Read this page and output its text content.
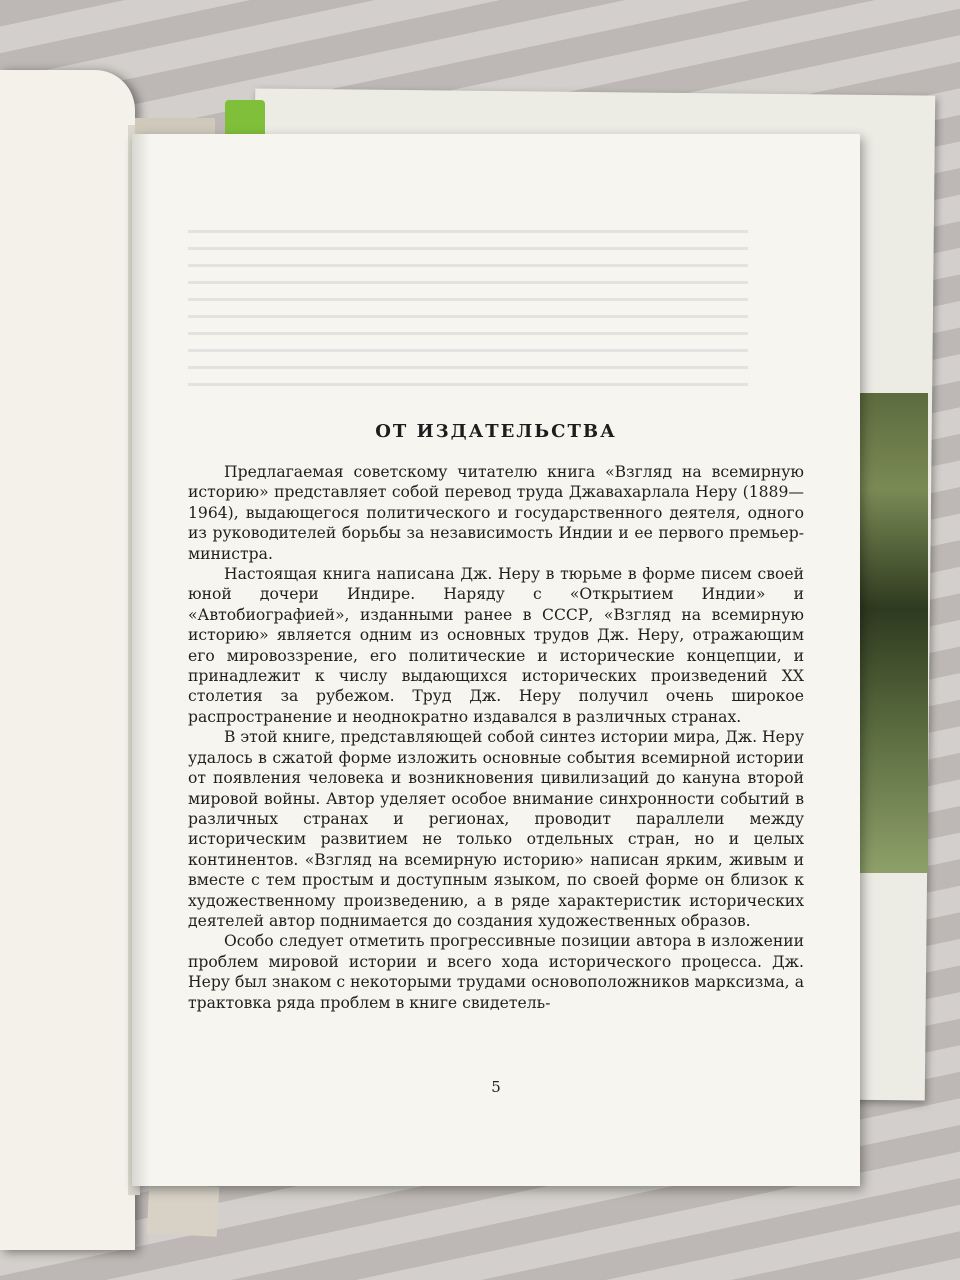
ОТ ИЗДАТЕЛЬСТВА

Предлагаемая советскому читателю книга «Взгляд на всемирную историю» представляет собой перевод труда Джавахарлала Неру (1889—1964), выдающегося политического и государственного деятеля, одного из руководителей борьбы за независимость Индии и ее первого премьер-министра.

Настоящая книга написана Дж. Неру в тюрьме в форме писем своей юной дочери Индире. Наряду с «Открытием Индии» и «Автобиографией», изданными ранее в СССР, «Взгляд на всемирную историю» является одним из основных трудов Дж. Неру, отражающим его мировоззрение, его политические и исторические концепции, и принадлежит к числу выдающихся исторических произведений XX столетия за рубежом. Труд Дж. Неру получил очень широкое распространение и неоднократно издавался в различных странах.

В этой книге, представляющей собой синтез истории мира, Дж. Неру удалось в сжатой форме изложить основные события всемирной истории от появления человека и возникновения цивилизаций до кануна второй мировой войны. Автор уделяет особое внимание синхронности событий в различных странах и регионах, проводит параллели между историческим развитием не только отдельных стран, но и целых континентов. «Взгляд на всемирную историю» написан ярким, живым и вместе с тем простым и доступным языком, по своей форме он близок к художественному произведению, а в ряде характеристик исторических деятелей автор поднимается до создания художественных образов.

Особо следует отметить прогрессивные позиции автора в изложении проблем мировой истории и всего хода исторического процесса. Дж. Неру был знаком с некоторыми трудами основоположников марксизма, а трактовка ряда проблем в книге свидетель-

5
